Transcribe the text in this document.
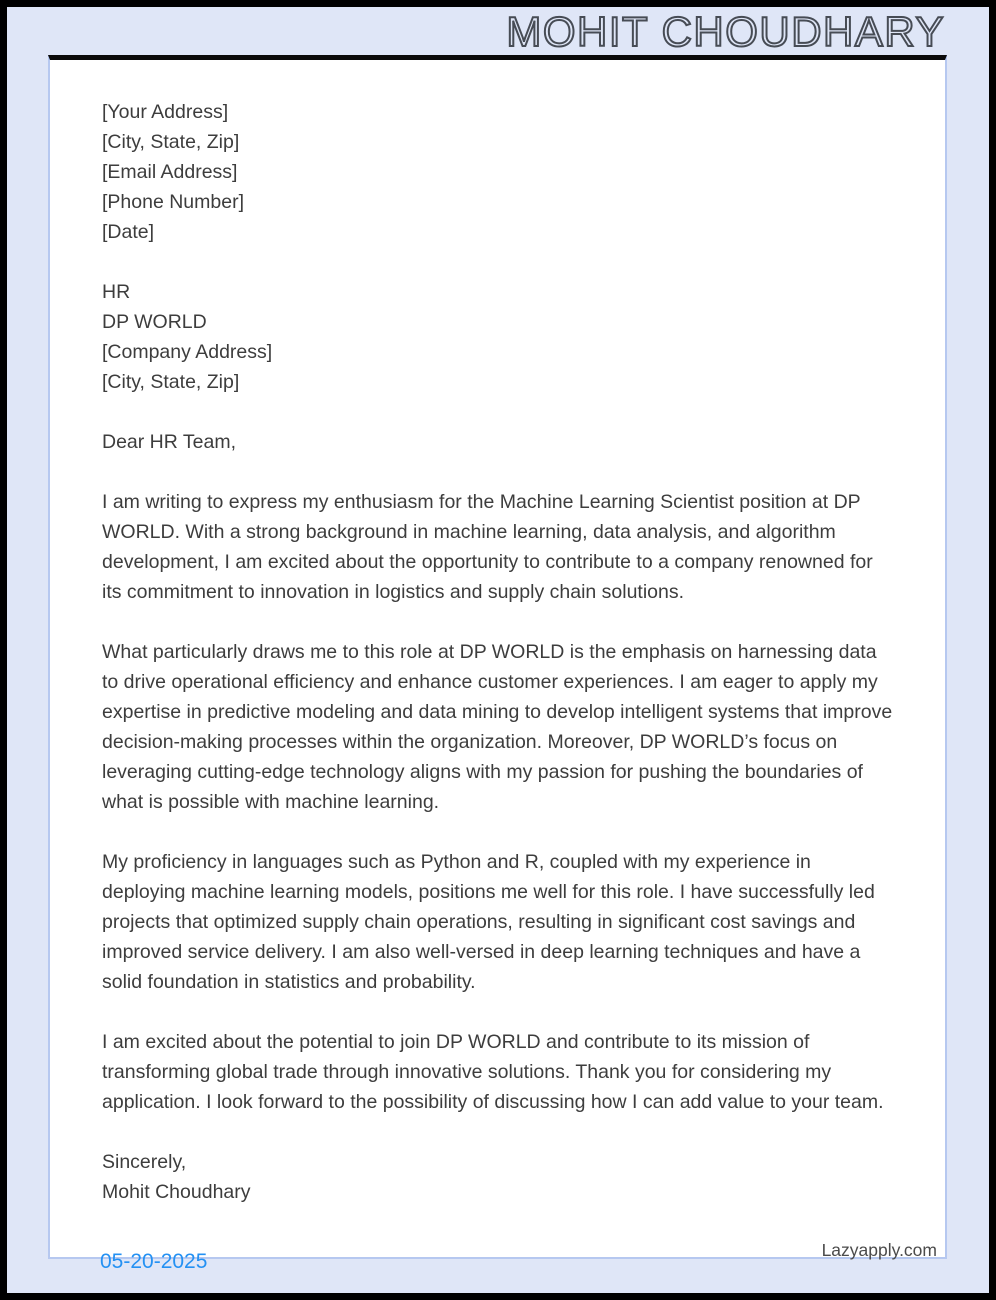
MOHIT CHOUDHARY
[Your Address]
[City, State, Zip]
[Email Address]
[Phone Number]
[Date]
HR
DP WORLD
[Company Address]
[City, State, Zip]
Dear HR Team,

I am writing to express my enthusiasm for the Machine Learning Scientist position at DP WORLD. With a strong background in machine learning, data analysis, and algorithm development, I am excited about the opportunity to contribute to a company renowned for its commitment to innovation in logistics and supply chain solutions.

What particularly draws me to this role at DP WORLD is the emphasis on harnessing data to drive operational efficiency and enhance customer experiences. I am eager to apply my expertise in predictive modeling and data mining to develop intelligent systems that improve decision-making processes within the organization. Moreover, DP WORLD’s focus on leveraging cutting-edge technology aligns with my passion for pushing the boundaries of what is possible with machine learning.

My proficiency in languages such as Python and R, coupled with my experience in deploying machine learning models, positions me well for this role. I have successfully led projects that optimized supply chain operations, resulting in significant cost savings and improved service delivery. I am also well-versed in deep learning techniques and have a solid foundation in statistics and probability.

I am excited about the potential to join DP WORLD and contribute to its mission of transforming global trade through innovative solutions. Thank you for considering my application. I look forward to the possibility of discussing how I can add value to your team.

Sincerely,
Mohit Choudhary
05-20-2025	Lazyapply.com
